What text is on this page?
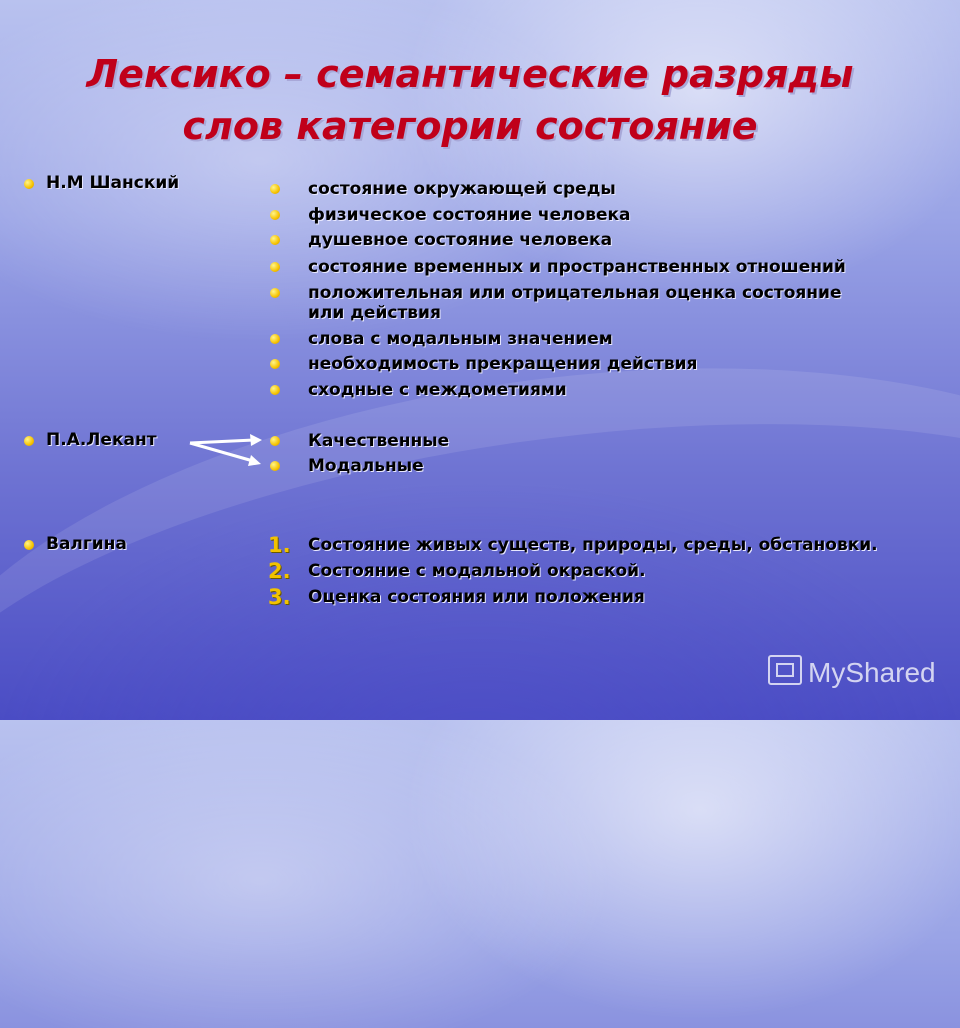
Лексико – семантические разряды
слов категории состояние
Н.М Шанский
П.А.Лекант
Валгина
состояние окружающей среды
физическое состояние человека
душевное состояние человека
состояние временных и пространственных отношений
положительная или отрицательная оценка состояние
или действия
слова с модальным значением
необходимость прекращения действия
сходные с междометиями
Качественные
Модальные
1. Состояние живых существ, природы, среды, обстановки.
2. Состояние с модальной окраской.
3. Оценка состояния или положения
MyShared
